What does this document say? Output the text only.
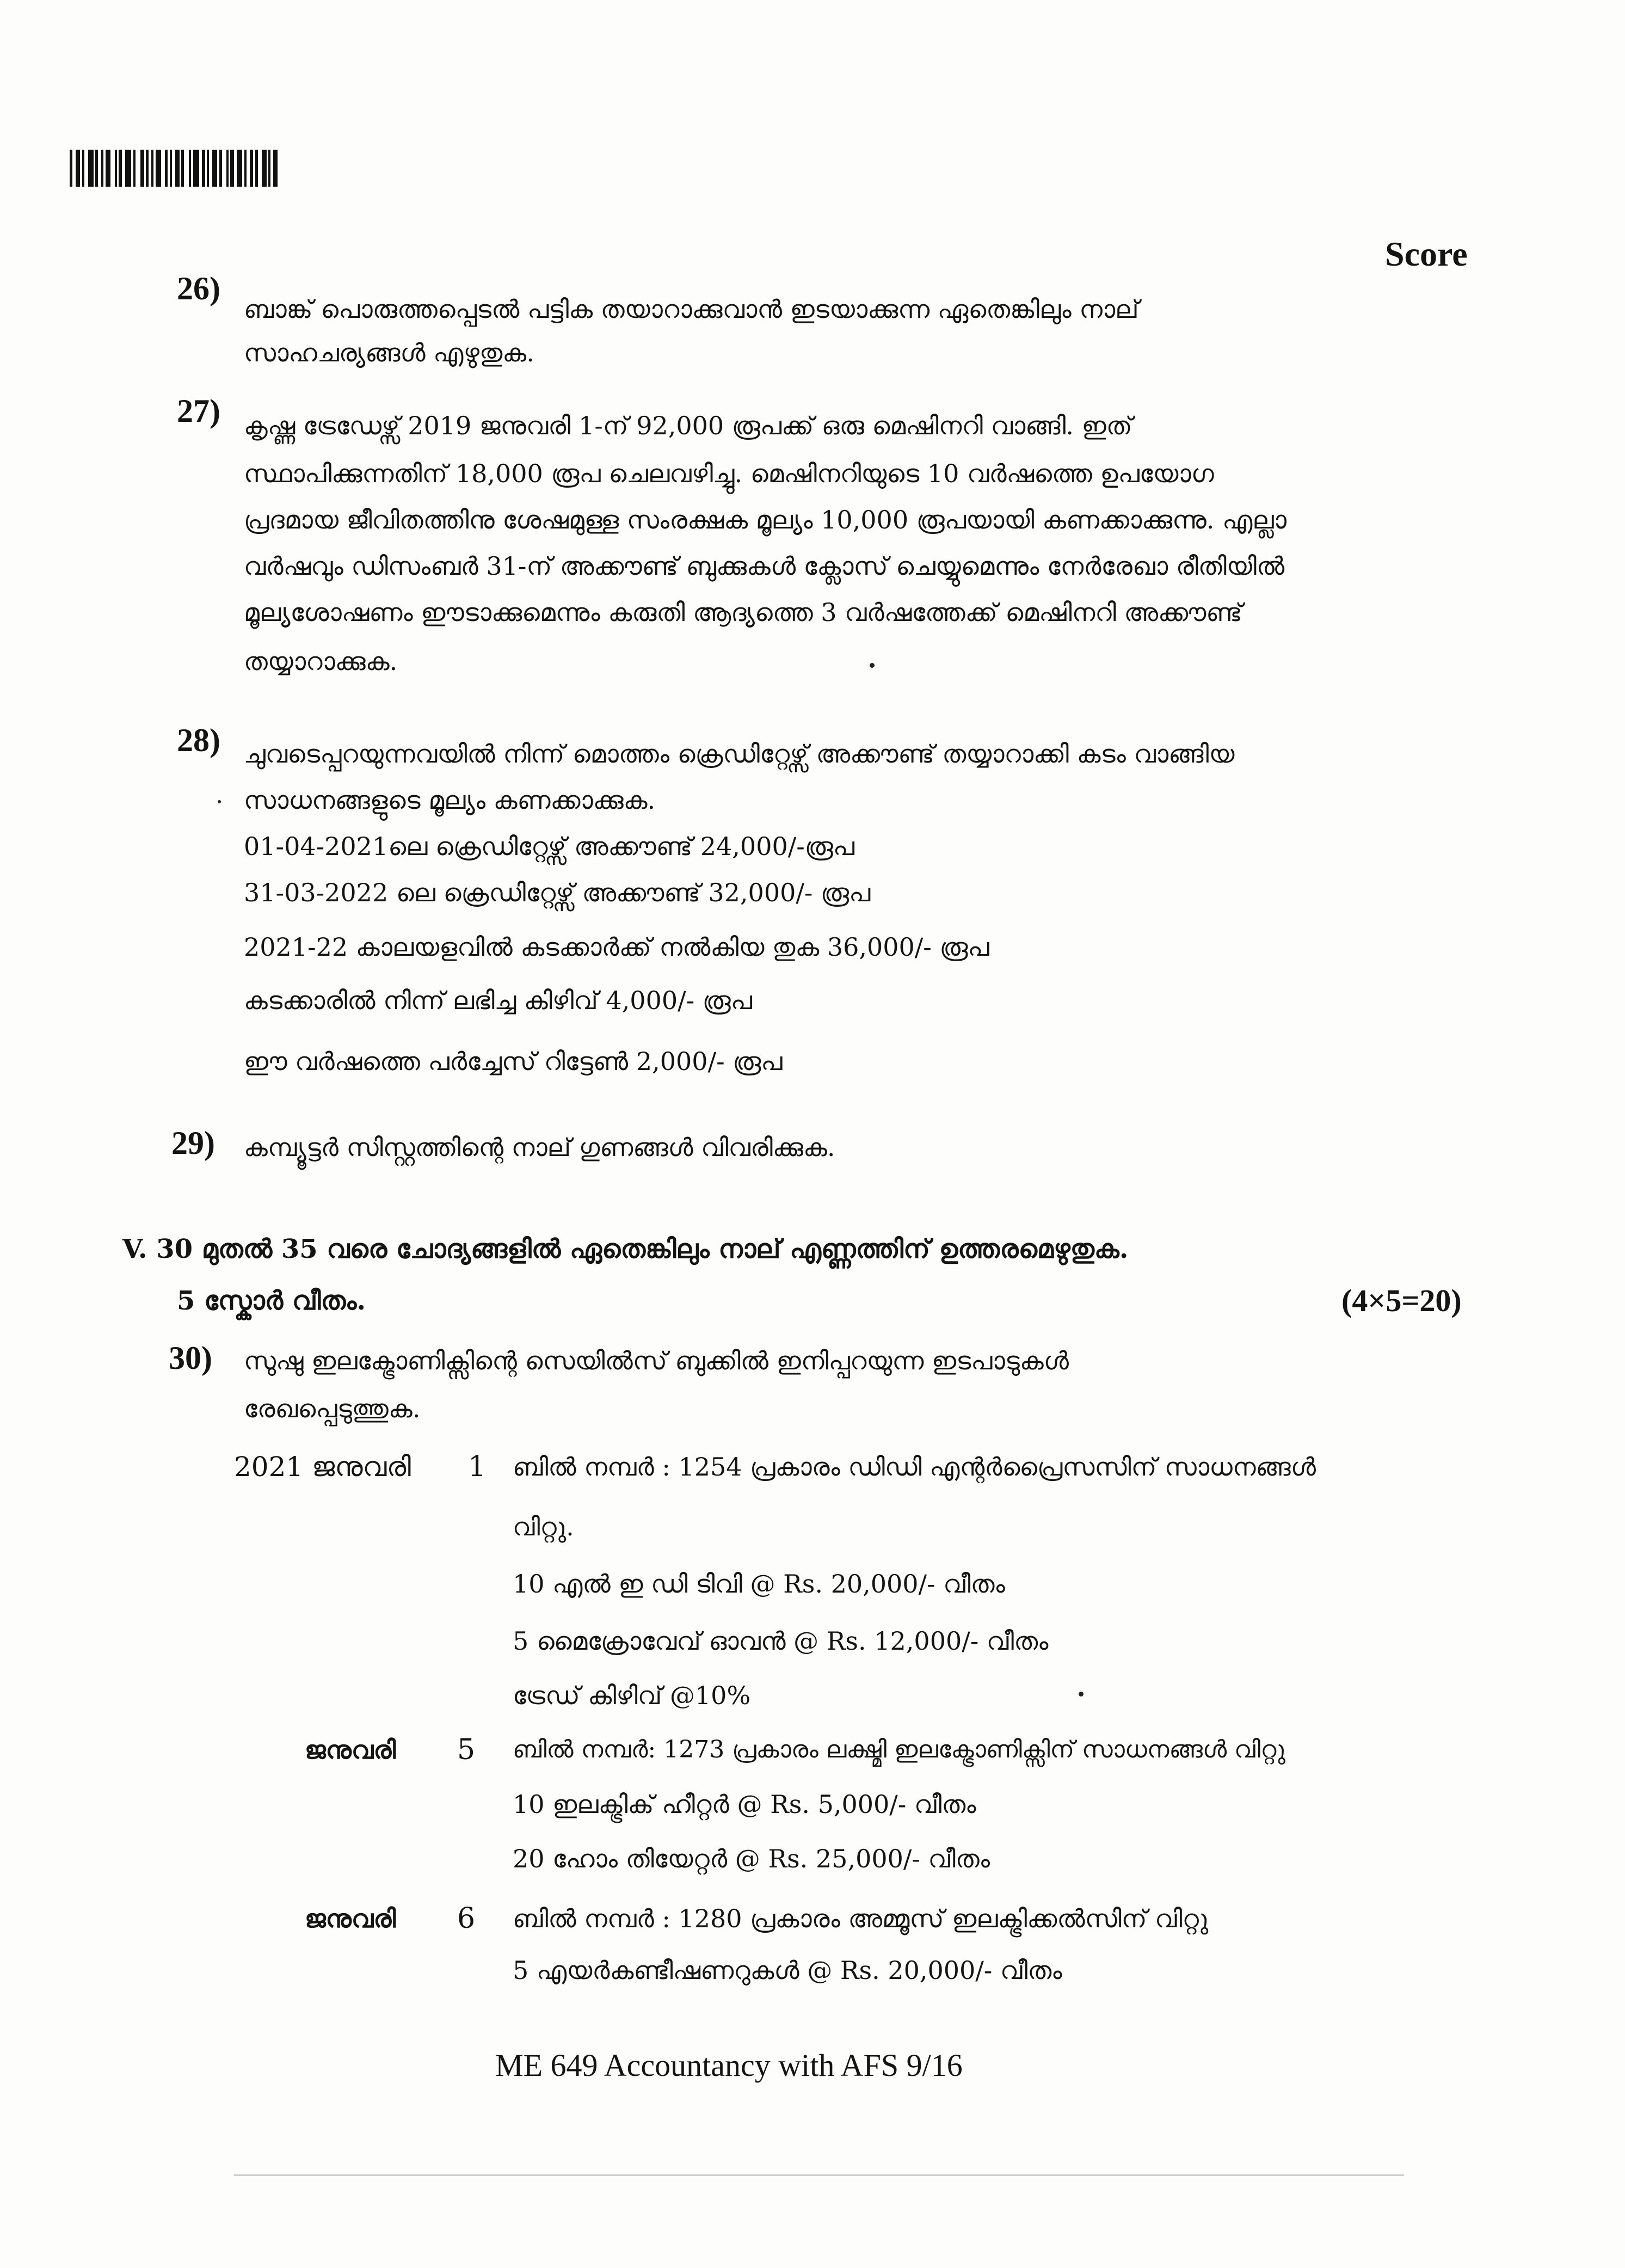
Score
26)
ബാങ്ക് പൊരുത്തപ്പെടൽ പട്ടിക തയാറാക്കുവാൻ ഇടയാക്കുന്ന ഏതെങ്കിലും നാല്
സാഹചര്യങ്ങൾ എഴുതുക.
27) കൃഷ്ണ ട്രേഡേഴ്സ് 2019 ജനുവരി 1-ന് 92,000 രൂപക്ക് ഒരു മെഷിനറി വാങ്ങി. ഇത്
സ്ഥാപിക്കുന്നതിന് 18,000 രൂപ ചെലവഴിച്ചു. മെഷിനറിയുടെ 10 വർഷത്തെ ഉപയോഗ
പ്രദമായ ജീവിതത്തിനു ശേഷമുള്ള സംരക്ഷക മൂല്യം 10,000 രൂപയായി കണക്കാക്കുന്നു. എല്ലാ
വർഷവും ഡിസംബർ 31-ന് അക്കൗണ്ട് ബുക്കുകൾ ക്ലോസ് ചെയ്യുമെന്നും നേർരേഖാ രീതിയിൽ
മൂല്യശോഷണം ഈടാക്കുമെന്നും കരുതി ആദ്യത്തെ 3 വർഷത്തേക്ക് മെഷിനറി അക്കൗണ്ട്
തയ്യാറാക്കുക.
28) ചുവടെപ്പറയുന്നവയിൽ നിന്ന് മൊത്തം ക്രെഡിറ്റേഴ്സ് അക്കൗണ്ട് തയ്യാറാക്കി കടം വാങ്ങിയ
സാധനങ്ങളുടെ മൂല്യം കണക്കാക്കുക.
01-04-2021ലെ ക്രെഡിറ്റേഴ്സ് അക്കൗണ്ട് 24,000/-രൂപ
31-03-2022 ലെ ക്രെഡിറ്റേഴ്സ് അക്കൗണ്ട് 32,000/- രൂപ
2021-22 കാലയളവിൽ കടക്കാർക്ക് നൽകിയ തുക 36,000/- രൂപ
കടക്കാരിൽ നിന്ന് ലഭിച്ച കിഴിവ് 4,000/- രൂപ
ഈ വർഷത്തെ പർച്ചേസ് റിട്ടേൺ 2,000/- രൂപ
29) കമ്പ്യൂട്ടർ സിസ്റ്റത്തിന്റെ നാല് ഗുണങ്ങൾ വിവരിക്കുക.
V. 30 മുതൽ 35 വരെ ചോദ്യങ്ങളിൽ ഏതെങ്കിലും നാല് എണ്ണത്തിന് ഉത്തരമെഴുതുക.
5 സ്കോർ വീതം.	(4×5=20)
30) സുഷു ഇലക്ട്രോണിക്സിന്റെ സെയിൽസ് ബുക്കിൽ ഇനിപ്പറയുന്ന ഇടപാടുകൾ
രേഖപ്പെടുത്തുക.
2021 ജനുവരി 1 ബിൽ നമ്പർ : 1254 പ്രകാരം ഡിഡി എന്റർപ്രൈസസിന് സാധനങ്ങൾ
വിറ്റു.
10 എൽ ഇ ഡി ടിവി @ Rs. 20,000/- വീതം
5 മൈക്രോവേവ് ഓവൻ @ Rs. 12,000/- വീതം
ട്രേഡ് കിഴിവ് @10%
ജനുവരി 5 ബിൽ നമ്പർ: 1273 പ്രകാരം ലക്ഷ്മി ഇലക്ട്രോണിക്സിന് സാധനങ്ങൾ വിറ്റു
10 ഇലക്ട്രിക് ഹീറ്റർ @ Rs. 5,000/- വീതം
20 ഹോം തിയേറ്റർ @ Rs. 25,000/- വീതം
ജനുവരി 6 ബിൽ നമ്പർ : 1280 പ്രകാരം അമ്മൂസ് ഇലക്ട്രിക്കൽസിന് വിറ്റു
5 എയർകണ്ടീഷണറുകൾ @ Rs. 20,000/- വീതം
ME 649 Accountancy with AFS 9/16
